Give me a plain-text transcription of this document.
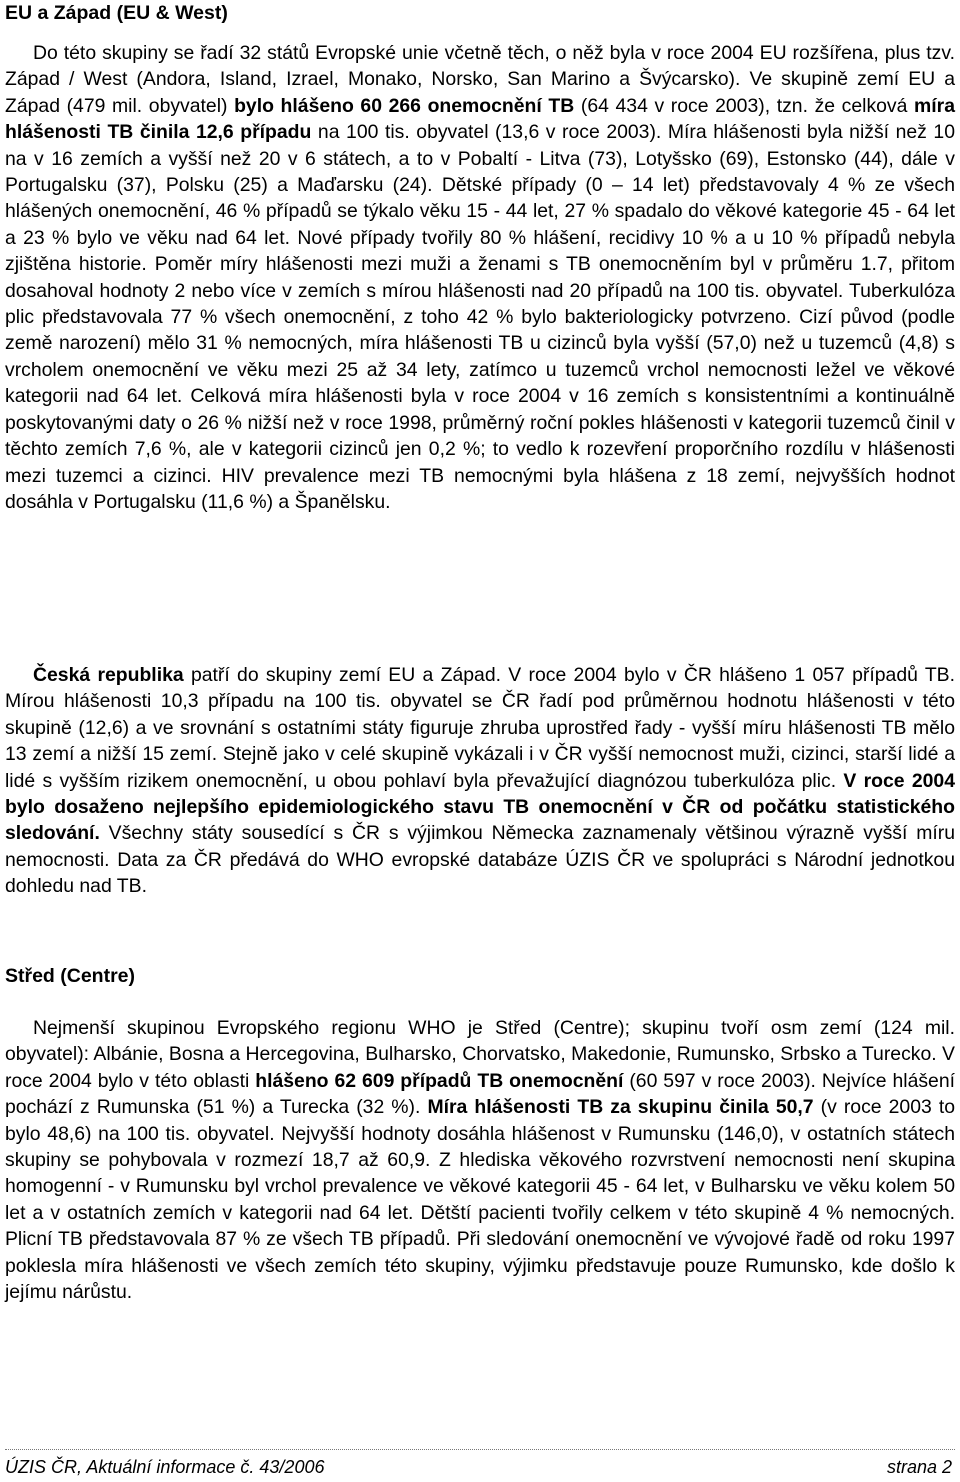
EU a Západ (EU & West)

Do této skupiny se řadí 32 států Evropské unie včetně těch, o něž byla v roce 2004 EU rozšířena, plus tzv. Západ / West (Andora, Island, Izrael, Monako, Norsko, San Marino a Švýcarsko). Ve skupině zemí EU a Západ (479 mil. obyvatel) bylo hlášeno 60 266 onemocnění TB (64 434 v roce 2003), tzn. že celková míra hlášenosti TB činila 12,6 případu na 100 tis. obyvatel (13,6 v roce 2003). Míra hlášenosti byla nižší než 10 na v 16 zemích a vyšší než 20 v 6 státech, a to v Pobaltí - Litva (73), Lotyšsko (69), Estonsko (44), dále v Portugalsku (37), Polsku (25) a Maďarsku (24). Dětské případy (0 – 14 let) představovaly 4 % ze všech hlášených onemocnění, 46 % případů se týkalo věku 15 - 44 let, 27 % spadalo do věkové kategorie 45 - 64 let a 23 % bylo ve věku nad 64 let. Nové případy tvořily 80 % hlášení, recidivy 10 % a u 10 % případů nebyla zjištěna historie. Poměr míry hlášenosti mezi muži a ženami s TB onemocněním byl v průměru 1.7, přitom dosahoval hodnoty 2 nebo více v zemích s mírou hlášenosti nad 20 případů na 100 tis. obyvatel. Tuberkulóza plic představovala 77 % všech onemocnění, z toho 42 % bylo bakteriologicky potvrzeno. Cizí původ (podle země narození) mělo 31 % nemocných, míra hlášenosti TB u cizinců byla vyšší (57,0) než u tuzemců (4,8) s vrcholem onemocnění ve věku mezi 25 až 34 lety, zatímco u tuzemců vrchol nemocnosti ležel ve věkové kategorii nad 64 let. Celková míra hlášenosti byla v roce 2004 v 16 zemích s konsistentními a kontinuálně poskytovanými daty o 26 % nižší než v roce 1998, průměrný roční pokles hlášenosti v kategorii tuzemců činil v těchto zemích 7,6 %, ale v kategorii cizinců jen 0,2 %; to vedlo k rozevření proporčního rozdílu v hlášenosti mezi tuzemci a cizinci. HIV prevalence mezi TB nemocnými byla hlášena z 18 zemí, nejvyšších hodnot dosáhla v Portugalsku (11,6 %) a Španělsku.

Česká republika patří do skupiny zemí EU a Západ. V roce 2004 bylo v ČR hlášeno 1 057 případů TB. Mírou hlášenosti 10,3 případu na 100 tis. obyvatel se ČR řadí pod průměrnou hodnotu hlášenosti v této skupině (12,6) a ve srovnání s ostatními státy figuruje zhruba uprostřed řady - vyšší míru hlášenosti TB mělo 13 zemí a nižší 15 zemí. Stejně jako v celé skupině vykázali i v ČR vyšší nemocnost muži, cizinci, starší lidé a lidé s vyšším rizikem onemocnění, u obou pohlaví byla převažující diagnózou tuberkulóza plic. V roce 2004 bylo dosaženo nejlepšího epidemiologického stavu TB onemocnění v ČR od počátku statistického sledování. Všechny státy sousedící s ČR s výjimkou Německa zaznamenaly většinou výrazně vyšší míru nemocnosti. Data za ČR předává do WHO evropské databáze ÚZIS ČR ve spolupráci s Národní jednotkou dohledu nad TB.

Střed (Centre)

Nejmenší skupinou Evropského regionu WHO je Střed (Centre); skupinu tvoří osm zemí (124 mil. obyvatel): Albánie, Bosna a Hercegovina, Bulharsko, Chorvatsko, Makedonie, Rumunsko, Srbsko a Turecko. V roce 2004 bylo v této oblasti hlášeno 62 609 případů TB onemocnění (60 597 v roce 2003). Nejvíce hlášení pochází z Rumunska (51 %) a Turecka (32 %). Míra hlášenosti TB za skupinu činila 50,7 (v roce 2003 to bylo 48,6) na 100 tis. obyvatel. Nejvyšší hodnoty dosáhla hlášenost v Rumunsku (146,0), v ostatních státech skupiny se pohybovala v rozmezí 18,7 až 60,9. Z hlediska věkového rozvrstvení nemocnosti není skupina homogenní - v Rumunsku byl vrchol prevalence ve věkové kategorii 45 - 64 let, v Bulharsku ve věku kolem 50 let a v ostatních zemích v kategorii nad 64 let. Dětští pacienti tvořily celkem v této skupině 4 % nemocných. Plicní TB představovala 87 % ze všech TB případů. Při sledování onemocnění ve vývojové řadě od roku 1997 poklesla míra hlášenosti ve všech zemích této skupiny, výjimku představuje pouze Rumunsko, kde došlo k jejímu nárůstu.

ÚZIS ČR, Aktuální informace č. 43/2006	strana 2
